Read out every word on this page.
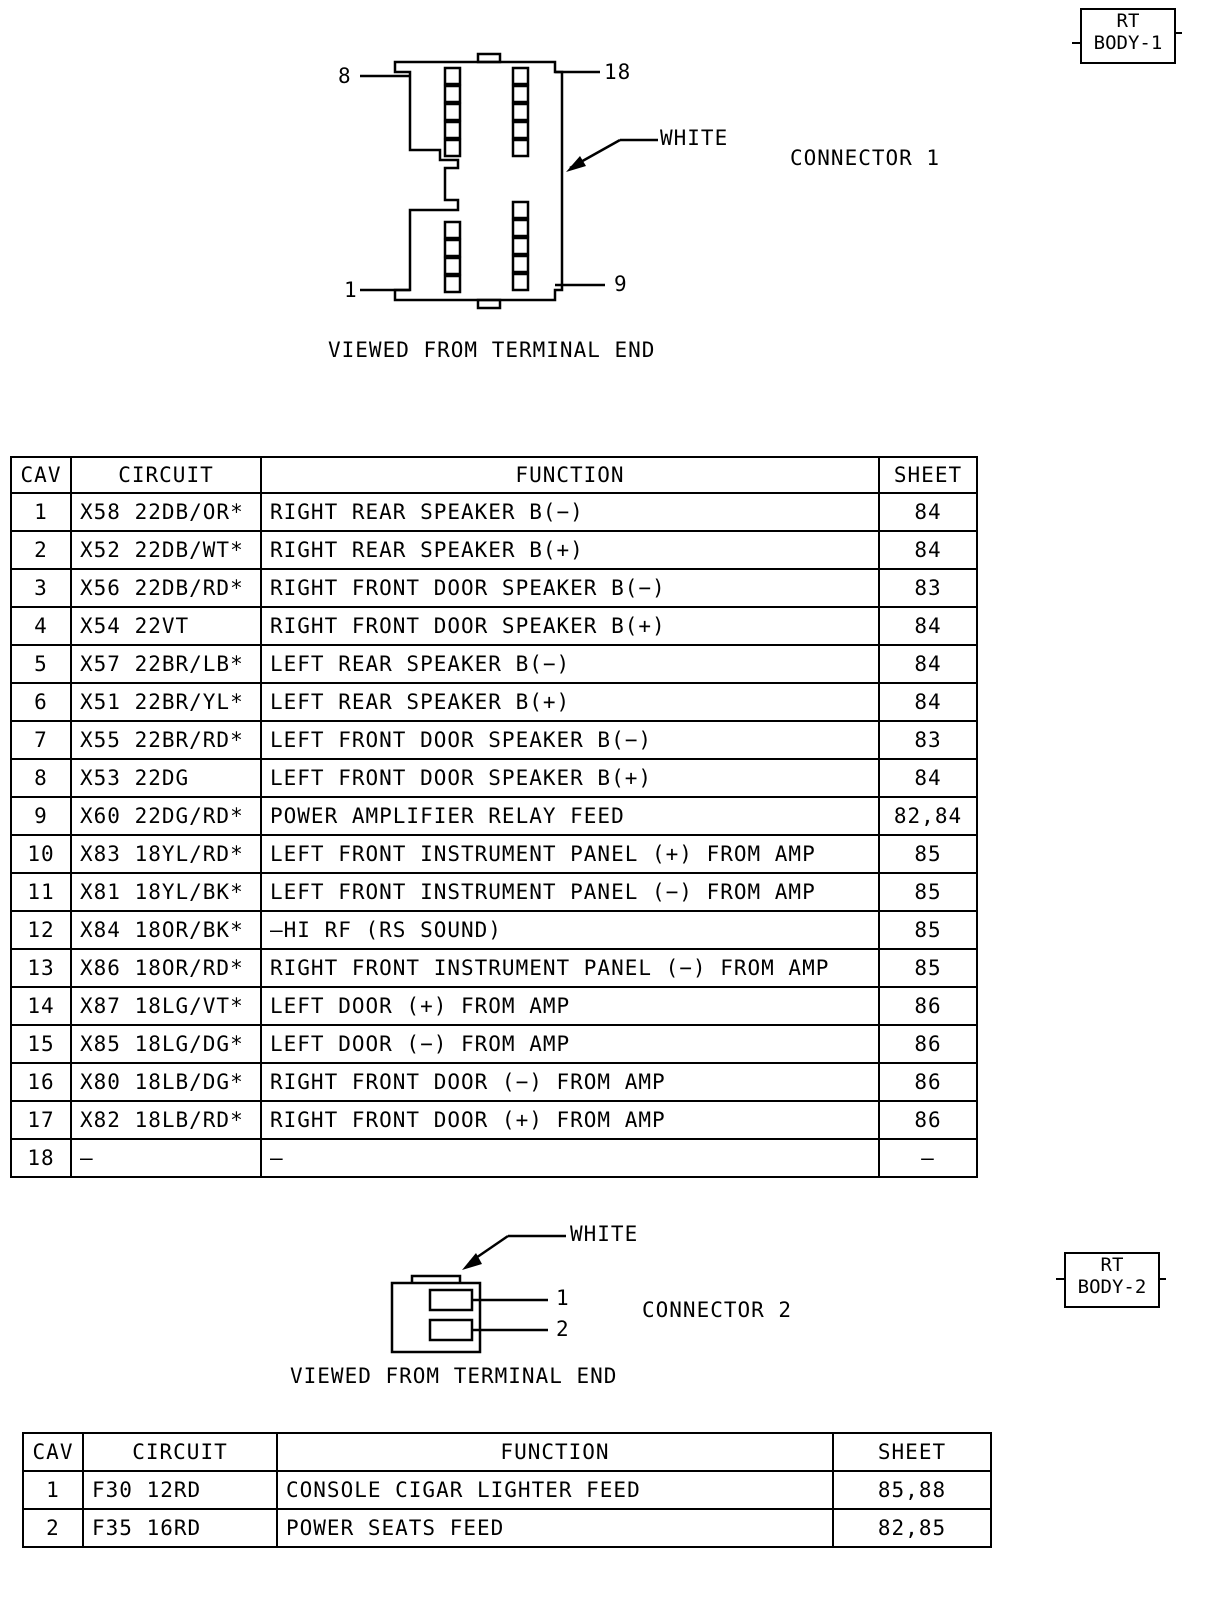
RT
BODY-1
8	18
1	9
WHITE
CONNECTOR 1
VIEWED FROM TERMINAL END
CAV	CIRCUIT	FUNCTION	SHEET
1	X58 22DB/OR*	RIGHT REAR SPEAKER B(−)	84
2	X52 22DB/WT*	RIGHT REAR SPEAKER B(+)	84
3	X56 22DB/RD*	RIGHT FRONT DOOR SPEAKER B(−)	83
4	X54 22VT	RIGHT FRONT DOOR SPEAKER B(+)	84
5	X57 22BR/LB*	LEFT REAR SPEAKER B(−)	84
6	X51 22BR/YL*	LEFT REAR SPEAKER B(+)	84
7	X55 22BR/RD*	LEFT FRONT DOOR SPEAKER B(−)	83
8	X53 22DG	LEFT FRONT DOOR SPEAKER B(+)	84
9	X60 22DG/RD*	POWER AMPLIFIER RELAY FEED	82,84
10	X83 18YL/RD*	LEFT FRONT INSTRUMENT PANEL (+) FROM AMP	85
11	X81 18YL/BK*	LEFT FRONT INSTRUMENT PANEL (−) FROM AMP	85
12	X84 18OR/BK*	—HI RF (RS SOUND)	85
13	X86 18OR/RD*	RIGHT FRONT INSTRUMENT PANEL (−) FROM AMP	85
14	X87 18LG/VT*	LEFT DOOR (+) FROM AMP	86
15	X85 18LG/DG*	LEFT DOOR (−) FROM AMP	86
16	X80 18LB/DG*	RIGHT FRONT DOOR (−) FROM AMP	86
17	X82 18LB/RD*	RIGHT FRONT DOOR (+) FROM AMP	86
18	—	—	—
WHITE
1
2
CONNECTOR 2
VIEWED FROM TERMINAL END
RT
BODY-2
CAV	CIRCUIT	FUNCTION	SHEET
1	F30 12RD	CONSOLE CIGAR LIGHTER FEED	85,88
2	F35 16RD	POWER SEATS FEED	82,85
